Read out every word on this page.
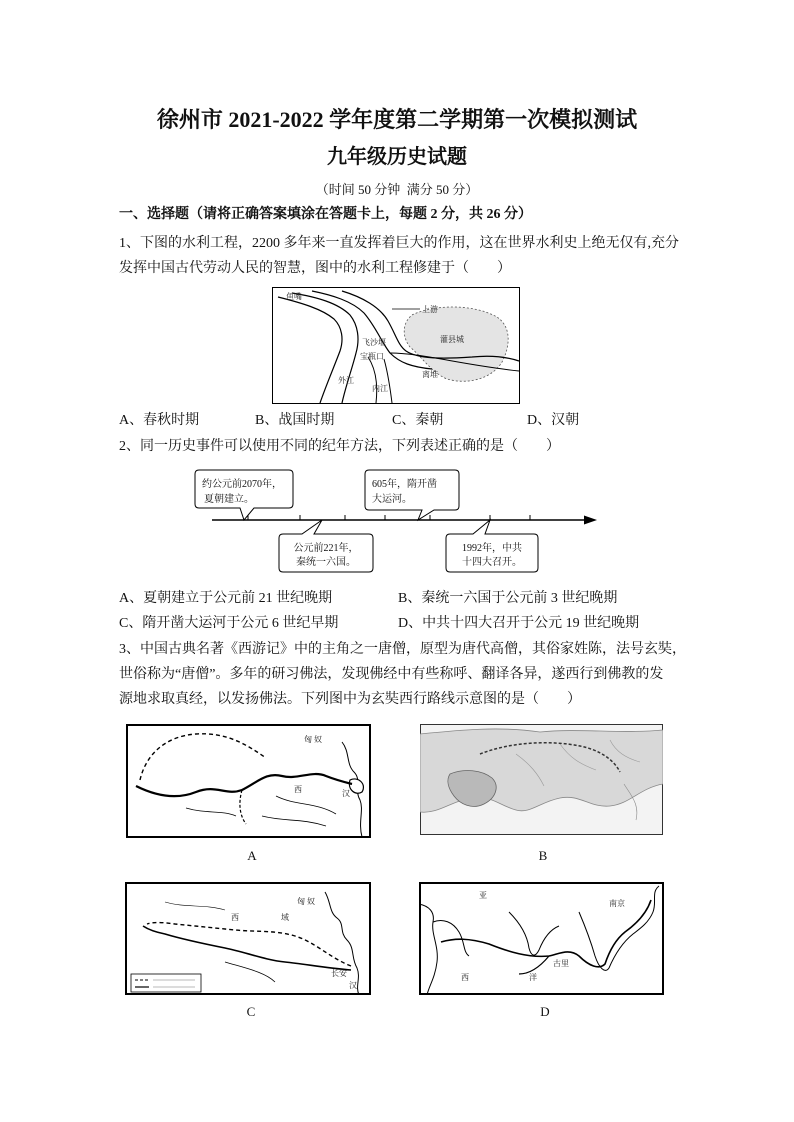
徐州市 2021-2022 学年度第二学期第一次模拟测试
九年级历史试题
（时间 50 分钟  满分 50 分）
一、选择题（请将正确答案填涂在答题卡上，每题 2 分，共 26 分）
1、下图的水利工程，2200 多年来一直发挥着巨大的作用，这在世界水利史上绝无仅有,充分
发挥中国古代劳动人民的智慧，图中的水利工程修建于（　　）
鱼嘴
上游
灌县城
飞沙堰
宝瓶口
离堆
外江
内江
A、春秋时期	B、战国时期	C、秦朝	D、汉朝
2、同一历史事件可以使用不同的纪年方法，下列表述正确的是（　　）
约公元前2070年，
夏朝建立。
605年，隋开凿
大运河。
公元前221年，
秦统一六国。
1992年，中共
十四大召开。
A、夏朝建立于公元前 21 世纪晚期	B、秦统一六国于公元前 3 世纪晚期
C、隋开凿大运河于公元 6 世纪早期	D、中共十四大召开于公元 19 世纪晚期
3、中国古典名著《西游记》中的主角之一唐僧，原型为唐代高僧，其俗家姓陈，法号玄奘，
世俗称为“唐僧”。多年的研习佛法，发现佛经中有些称呼、翻译各异，遂西行到佛教的发
源地求取真经，以发扬佛法。下列图中为玄奘西行路线示意图的是（　　）
匈 奴
西	汉
A	B
匈 奴
西	域
长安
汉
C
亚
西	洋
古里
南京
D
